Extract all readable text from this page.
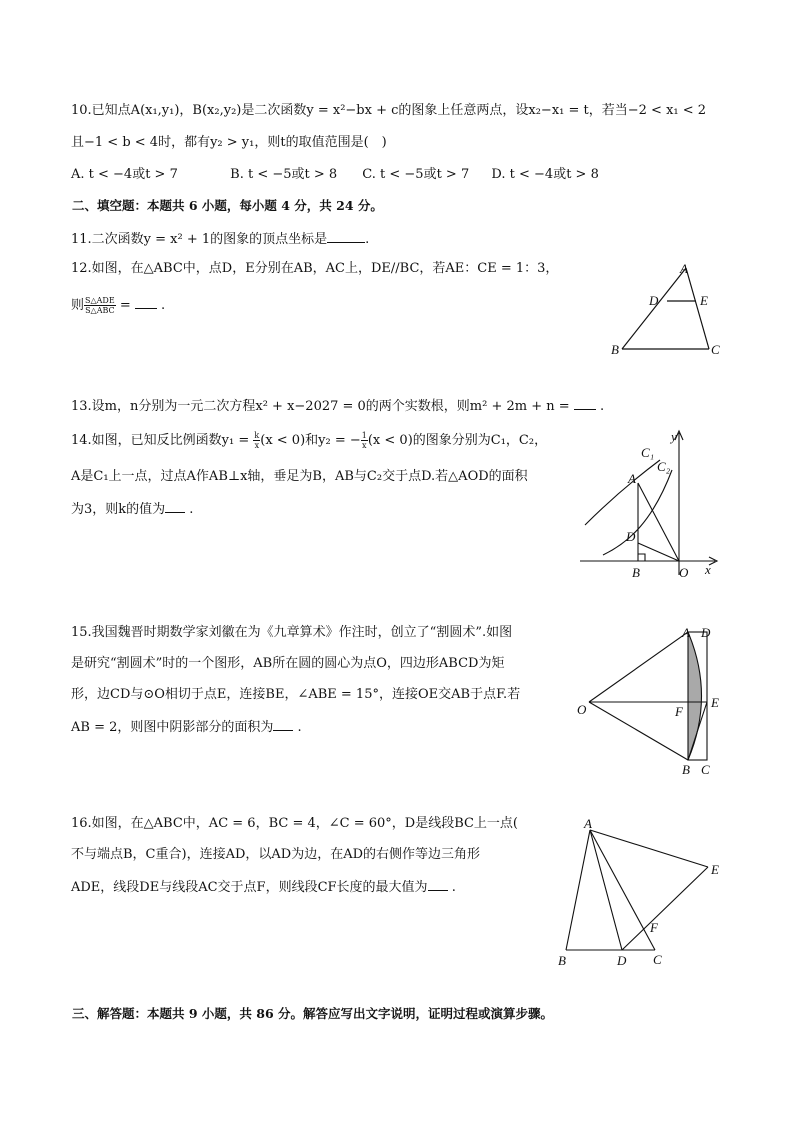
10.已知点A(x₁,y₁)，B(x₂,y₂)是二次函数y = x²−bx + c的图象上任意两点，设x₂−x₁ = t，若当−2 < x₁ < 2
且−1 < b < 4时，都有y₂ > y₁，则t的取值范围是(　)
A. t < −4或t > 7	B. t < −5或t > 8 C. t < −5或t > 7 D. t < −4或t > 8
二、填空题：本题共 6 小题，每小题 4 分，共 24 分。
11.二次函数y = x² + 1的图象的顶点坐标是	.
12.如图，在△ABC中，点D，E分别在AB，AC上，DE//BC，若AE：CE = 1：3，
则 $\frac{\text{S△ADE}}{\text{S△ABC}}$ = .
A
D	E
B	C
13.设m，n分别为一元二次方程x² + x−2027 = 0的两个实数根，则m² + 2m + n = .
14.如图，已知反比例函数$y_1 = \frac{k}{x} (x < 0)$和y₂ = − $\frac{1}{x} (x < 0)$的图象分别为C₁，C₂，
A是C₁上一点，过点A作AB⊥x轴，垂足为B，AB与C₂交于点D.若△AOD的面积
为3，则k的值为 .
y
C₁
C₂
A
D
B	O x
15.我国魏晋时期数学家刘徽在为《九章算术》作注时，创立了“割圆术”.如图
是研究“割圆术”时的一个图形，AB所在圆的圆心为点O，四边形ABCD为矩
形，边CD与⊙O相切于点E，连接BE，∠ABE = 15°，连接OE交AB于点F.若
AB = 2，则图中阴影部分的面积为 .
A D
O	F
E
B C
16.如图，在△ABC中，AC = 6，BC = 4，∠C = 60°，D是线段BC上一点(
不与端点B，C重合)，连接AD，以AD为边，在AD的右侧作等边三角形
ADE，线段DE与线段AC交于点F，则线段CF长度的最大值为 .
A
E
F
B	D C
三、解答题：本题共 9 小题，共 86 分。解答应写出文字说明，证明过程或演算步骤。
